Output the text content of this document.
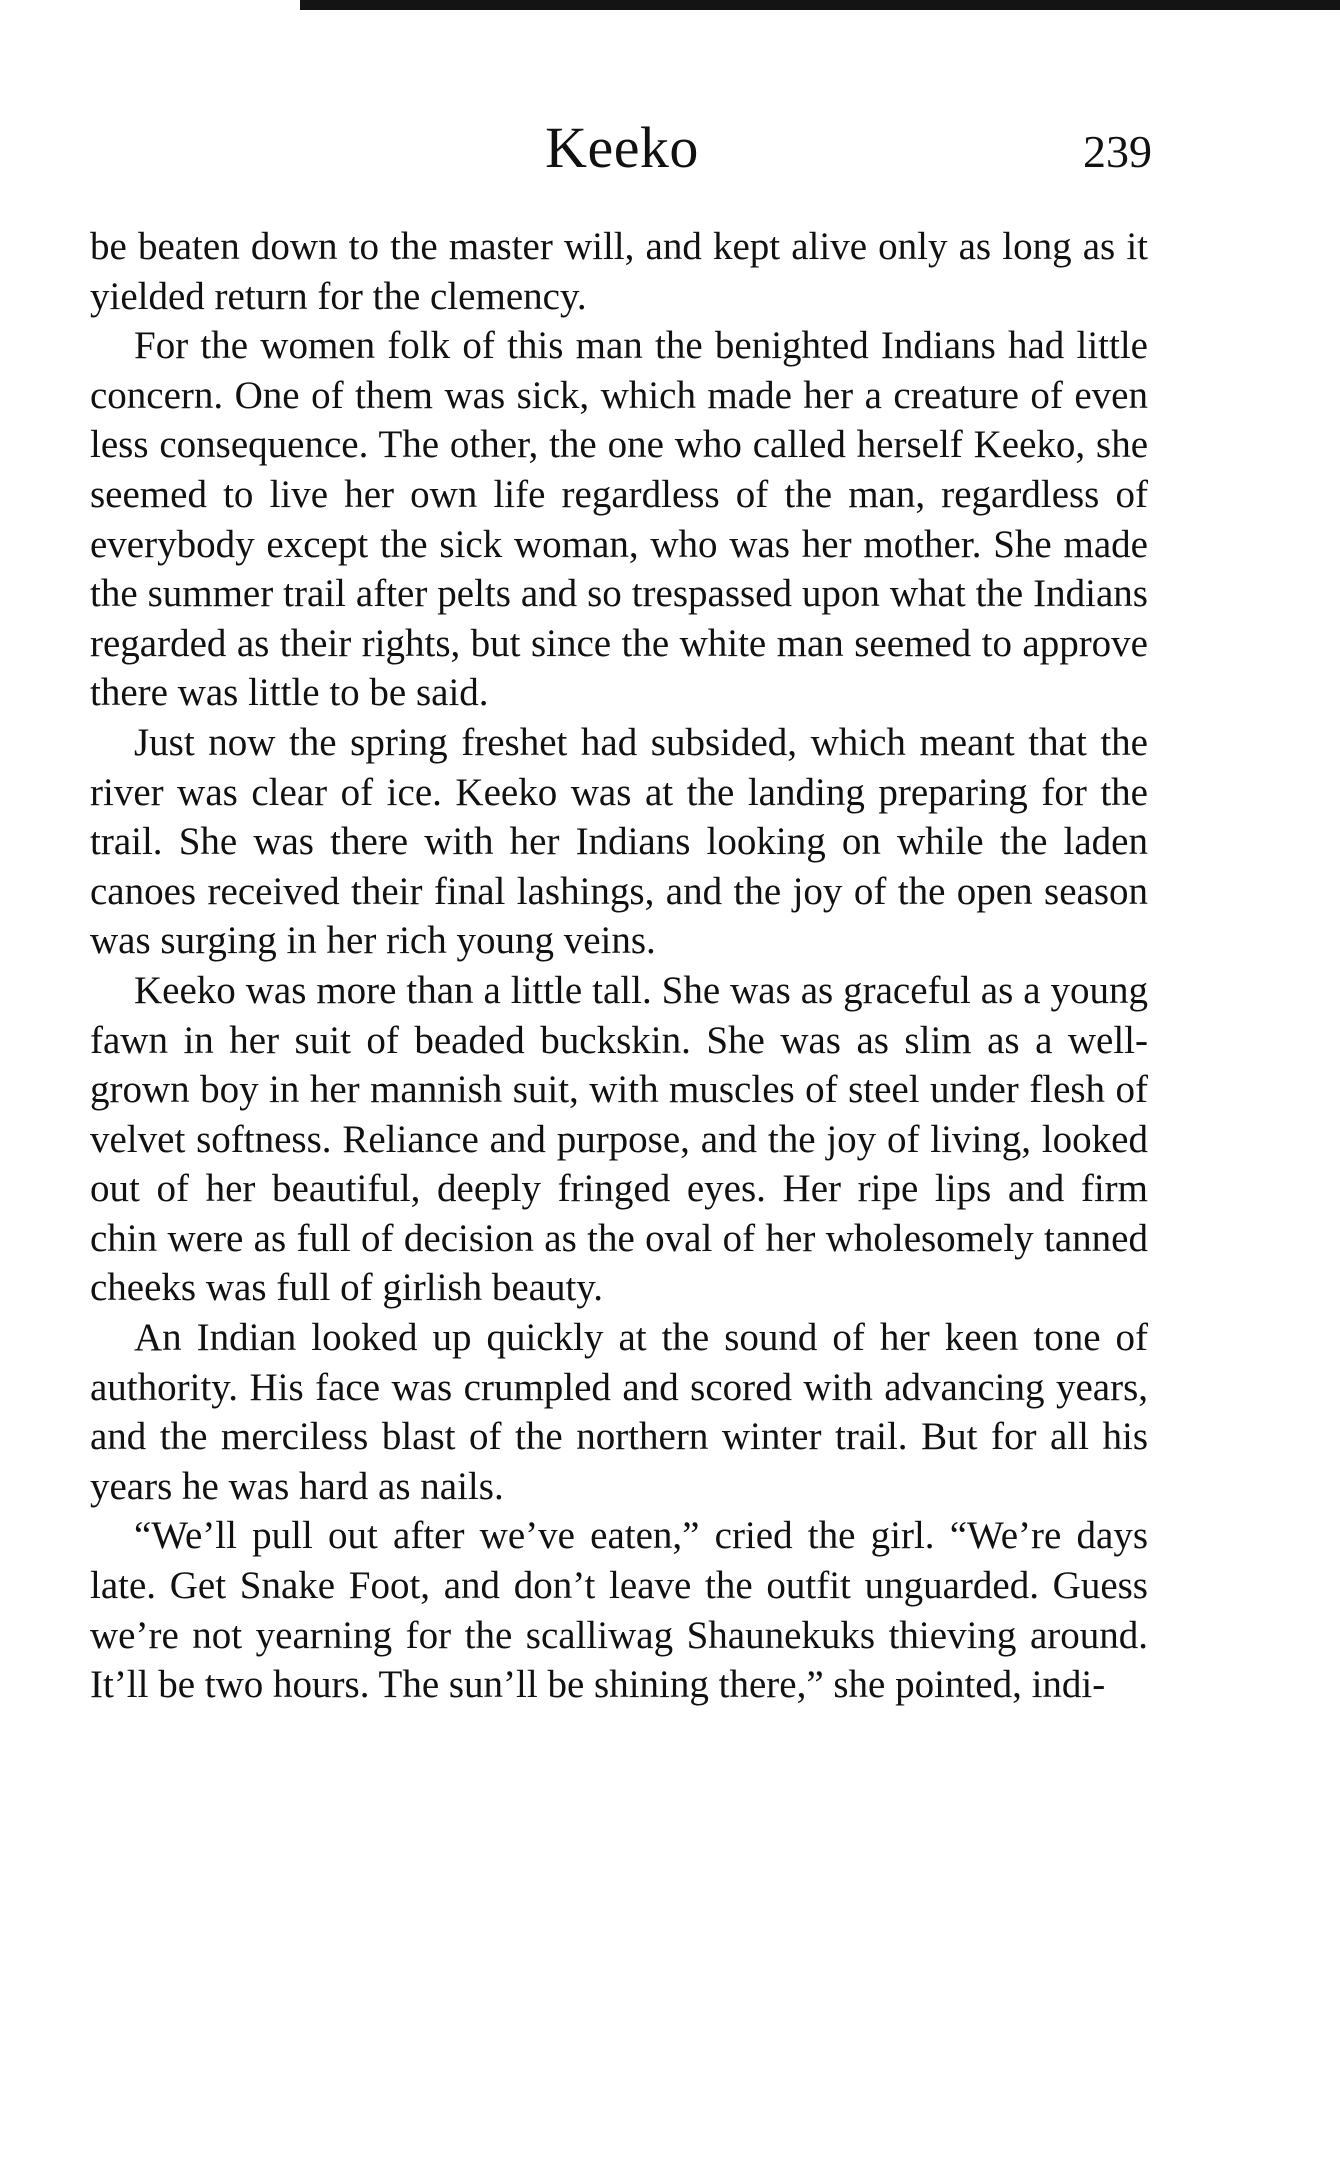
Keeko	239

be beaten down to the master will, and kept alive only as long as it yielded return for the clemency.

For the women folk of this man the benighted Indians had little concern. One of them was sick, which made her a creature of even less consequence. The other, the one who called herself Keeko, she seemed to live her own life regardless of the man, regardless of everybody except the sick woman, who was her mother. She made the summer trail after pelts and so trespassed upon what the Indians regarded as their rights, but since the white man seemed to approve there was little to be said.

Just now the spring freshet had subsided, which meant that the river was clear of ice. Keeko was at the landing preparing for the trail. She was there with her Indians looking on while the laden canoes received their final lashings, and the joy of the open season was surging in her rich young veins.

Keeko was more than a little tall. She was as graceful as a young fawn in her suit of beaded buckskin. She was as slim as a well-grown boy in her mannish suit, with muscles of steel under flesh of velvet softness. Reliance and purpose, and the joy of living, looked out of her beautiful, deeply fringed eyes. Her ripe lips and firm chin were as full of decision as the oval of her wholesomely tanned cheeks was full of girlish beauty.

An Indian looked up quickly at the sound of her keen tone of authority. His face was crumpled and scored with advancing years, and the merciless blast of the northern winter trail. But for all his years he was hard as nails.

“We’ll pull out after we’ve eaten,” cried the girl. “We’re days late. Get Snake Foot, and don’t leave the outfit unguarded. Guess we’re not yearning for the scalliwag Shaunekuks thieving around. It’ll be two hours. The sun’ll be shining there,” she pointed, indi-
